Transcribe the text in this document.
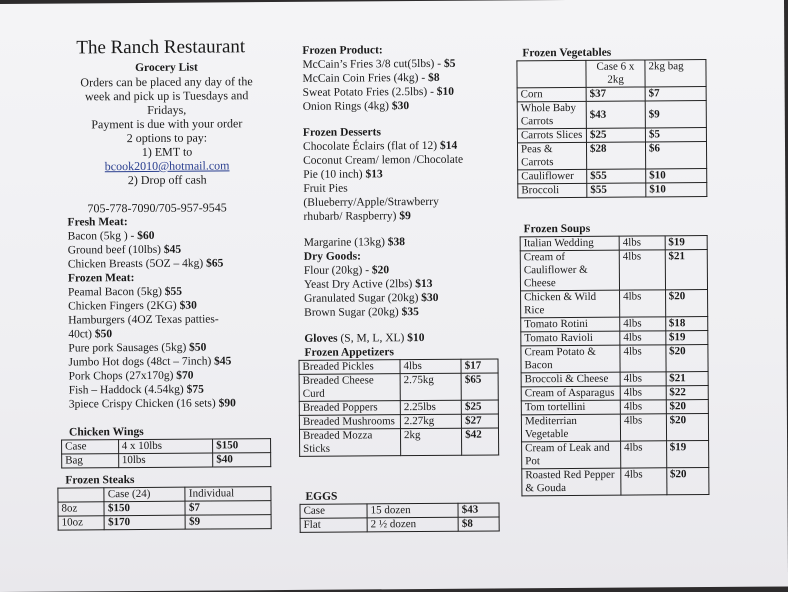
The Ranch Restaurant
Grocery List
Orders can be placed any day of the
week and pick up is Tuesdays and
Fridays,
Payment is due with your order
2 options to pay:
1) EMT to
bcook2010@hotmail.com
2) Drop off cash
705-778-7090/705-957-9545
Fresh Meat:
Bacon (5kg ) - $60
Ground beef (10lbs) $45
Chicken Breasts (5OZ – 4kg) $65
Frozen Meat:
Peamal Bacon (5kg) $55
Chicken Fingers (2KG) $30
Hamburgers (4OZ Texas patties-
40ct) $50
Pure pork Sausages (5kg) $50
Jumbo Hot dogs (48ct – 7inch) $45
Pork Chops (27x170g) $70
Fish – Haddock (4.54kg) $75
3piece Crispy Chicken (16 sets) $90
Chicken Wings
Case	4 x 10lbs	$150
Bag	10lbs	$40
Frozen Steaks
	Case (24)	Individual
8oz	$150	$7
10oz	$170	$9
Frozen Product:
McCain’s Fries 3/8 cut(5lbs) - $5
McCain Coin Fries (4kg) - $8
Sweat Potato Fries (2.5lbs) - $10
Onion Rings (4kg) $30
Frozen Desserts
Chocolate Éclairs (flat of 12) $14
Coconut Cream/ lemon /Chocolate
Pie (10 inch) $13
Fruit Pies
(Blueberry/Apple/Strawberry
rhubarb/ Raspberry) $9
Margarine (13kg) $38
Dry Goods:
Flour (20kg) - $20
Yeast Dry Active (2lbs) $13
Granulated Sugar (20kg) $30
Brown Sugar (20kg) $35
Gloves (S, M, L, XL) $10
Frozen Appetizers
Breaded Pickles	4lbs	$17
Breaded Cheese Curd	2.75kg	$65
Breaded Poppers	2.25lbs	$25
Breaded Mushrooms	2.27kg	$27
Breaded Mozza Sticks	2kg	$42
EGGS
Case	15 dozen	$43
Flat	2 ½ dozen	$8
Frozen Vegetables
	Case 6 x 2kg	2kg bag
Corn	$37	$7
Whole Baby Carrots	$43	$9
Carrots Slices	$25	$5
Peas & Carrots	$28	$6
Cauliflower	$55	$10
Broccoli	$55	$10
Frozen Soups
Italian Wedding	4lbs	$19
Cream of Cauliflower & Cheese	4lbs	$21
Chicken & Wild Rice	4lbs	$20
Tomato Rotini	4lbs	$18
Tomato Ravioli	4lbs	$19
Cream Potato & Bacon	4lbs	$20
Broccoli & Cheese	4lbs	$21
Cream of Asparagus	4lbs	$22
Tom tortellini	4lbs	$20
Mediterrian Vegetable	4lbs	$20
Cream of Leak and Pot	4lbs	$19
Roasted Red Pepper & Gouda	4lbs	$20
